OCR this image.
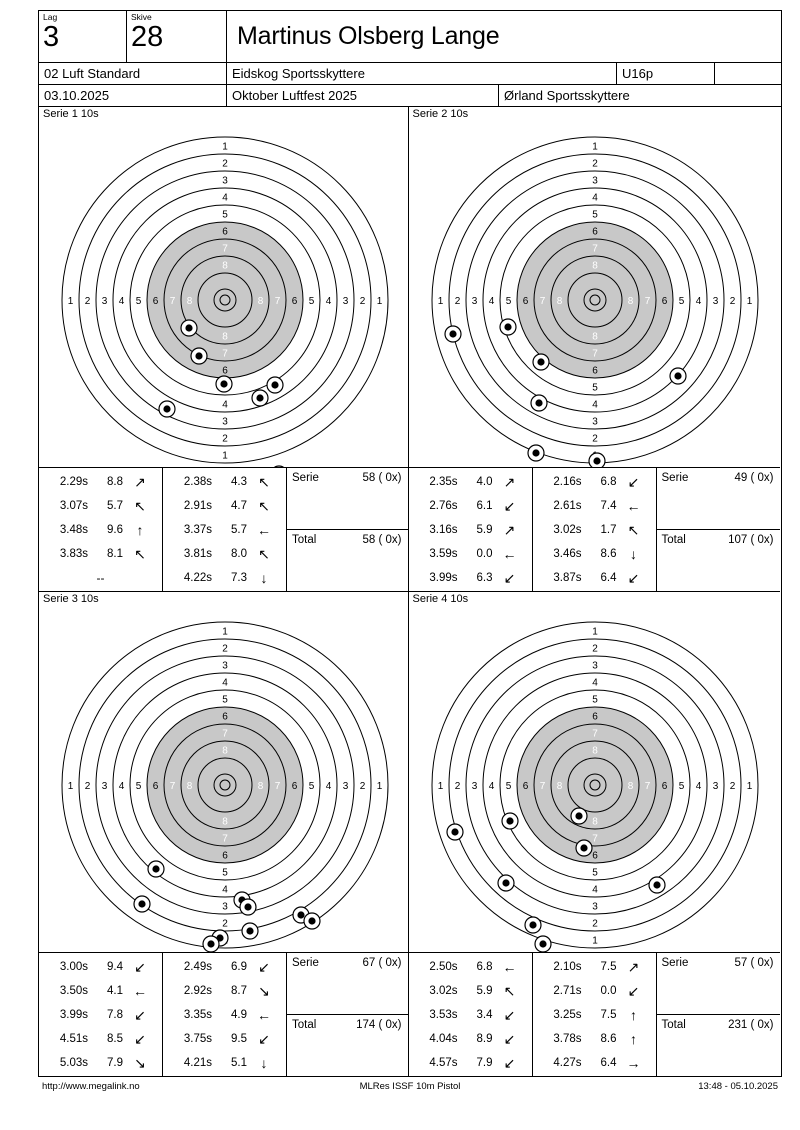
Lag
3
Skive
28	Martinus Olsberg Lange
02 Luft Standard	Eidskog Sportsskyttere	U16p
03.10.2025	Oktober Luftfest 2025	Ørland Sportsskyttere
Serie 1 10s
1
1
1	1
2
2
2	2
3
3
3	3
4
4
4	4
5
5	5
6
6
6	6
7
7
7	7
8
8
8	8
2.29s	8.8 ↗
3.07s	5.7 ↖
3.48s	9.6 ↑
3.83s	8.1 ↖
--
2.38s	4.3 ↖
2.91s	4.7 ↖
3.37s	5.7 ←
3.81s	8.0 ↖
4.22s	7.3 ↓
Serie	58 ( 0x)
Total	58 ( 0x)
Serie 2 10s
1
1	1
2
2
2	2
3
3
3	3
4
4
4	4
5
5
5	5
6
6
6	6
7
7
7	7
8
8
8	8
2.35s	4.0 ↗
2.76s	6.1 ↙
3.16s	5.9 ↗
3.59s	0.0 ←
3.99s	6.3 ↙
2.16s	6.8 ↙
2.61s	7.4 ←
3.02s	1.7 ↖
3.46s	8.6 ↓
3.87s	6.4 ↙
Serie	49 ( 0x)
Total	107 ( 0x)
Serie 3 10s
1
1	1
2
2
2	2
3
3
3	3
4
4
4	4
5
5
5	5
6
6
6	6
7
7
7	7
8
8
8	8
3.00s	9.4 ↙
3.50s	4.1 ←
3.99s	7.8 ↙
4.51s	8.5 ↙
5.03s	7.9 ↘
2.49s	6.9 ↙
2.92s	8.7 ↘
3.35s	4.9 ←
3.75s	9.5 ↙
4.21s	5.1 ↓
Serie	67 ( 0x)
Total	174 ( 0x)
Serie 4 10s
1
1
1	1
2
2
2	2
3
3
3	3
4
4
4	4
5
5
5	5
6
6
6	6
7
7
7	7
8
8
8	8
2.50s	6.8 ←
3.02s	5.9 ↖
3.53s	3.4 ↙
4.04s	8.9 ↙
4.57s	7.9 ↙
2.10s	7.5 ↗
2.71s	0.0 ↙
3.25s	7.5 ↑
3.78s	8.6 ↑
4.27s	6.4 →
Serie	57 ( 0x)
Total	231 ( 0x)
http://www.megalink.no	MLRes ISSF 10m Pistol	13:48 - 05.10.2025
